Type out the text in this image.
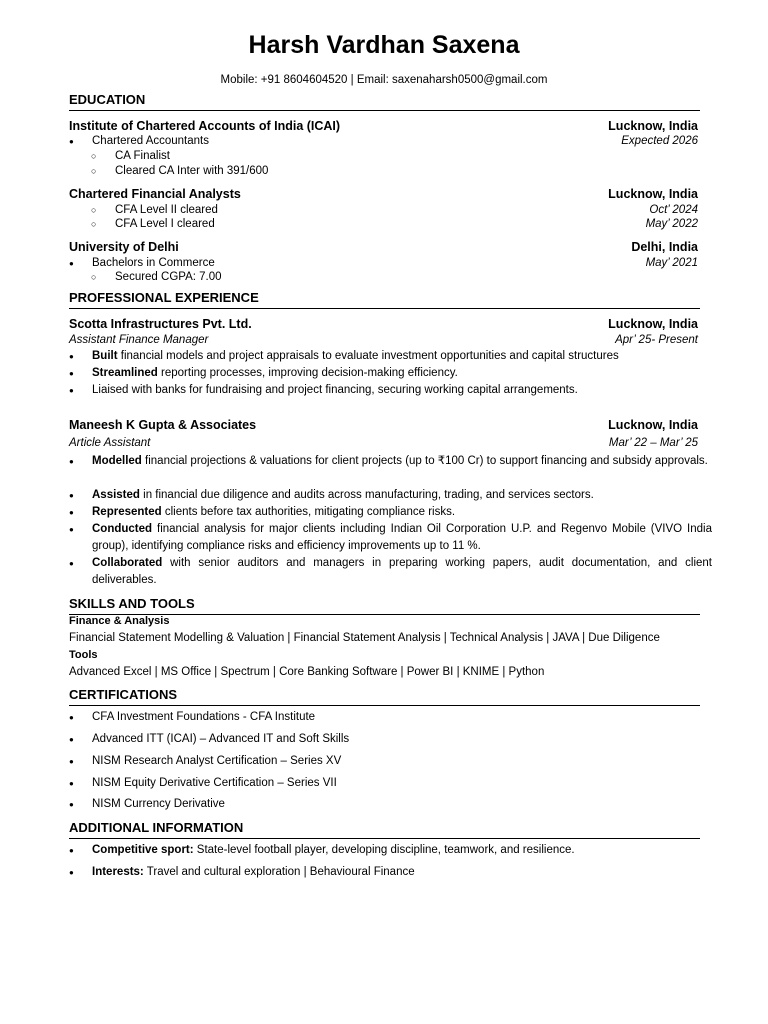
Harsh Vardhan Saxena
Mobile: +91 8604604520 | Email: saxenaharsh0500@gmail.com
EDUCATION
Institute of Chartered Accounts of India (ICAI)	Lucknow, India
● Chartered Accountants	Expected 2026
○ CA Finalist
○ Cleared CA Inter with 391/600
Chartered Financial Analysts	Lucknow, India
○ CFA Level II cleared	Oct’ 2024
○ CFA Level I cleared	May’ 2022
University of Delhi	Delhi, India
● Bachelors in Commerce	May’ 2021
○ Secured CGPA: 7.00
PROFESSIONAL EXPERIENCE
Scotta Infrastructures Pvt. Ltd.	Lucknow, India
Assistant Finance Manager	Apr’ 25- Present
● Built financial models and project appraisals to evaluate investment opportunities and capital structures
● Streamlined reporting processes, improving decision-making efficiency.
● Liaised with banks for fundraising and project financing, securing working capital arrangements.
Maneesh K Gupta & Associates	Lucknow, India
Article Assistant	Mar’ 22 – Mar’ 25
● Modelled financial projections & valuations for client projects (up to ₹100 Cr) to support financing and subsidy approvals.
● Assisted in financial due diligence and audits across manufacturing, trading, and services sectors.
● Represented clients before tax authorities, mitigating compliance risks.
● Conducted financial analysis for major clients including Indian Oil Corporation U.P. and Regenvo Mobile (VIVO India group), identifying compliance risks and efficiency improvements up to 11 %.
● Collaborated with senior auditors and managers in preparing working papers, audit documentation, and client deliverables.
SKILLS AND TOOLS
Finance & Analysis
Financial Statement Modelling & Valuation | Financial Statement Analysis | Technical Analysis | JAVA | Due Diligence
Tools
Advanced Excel | MS Office | Spectrum | Core Banking Software | Power BI | KNIME | Python
CERTIFICATIONS
● CFA Investment Foundations - CFA Institute
● Advanced ITT (ICAI) – Advanced IT and Soft Skills
● NISM Research Analyst Certification – Series XV
● NISM Equity Derivative Certification – Series VII
● NISM Currency Derivative
ADDITIONAL INFORMATION
● Competitive sport: State-level football player, developing discipline, teamwork, and resilience.
● Interests: Travel and cultural exploration | Behavioural Finance
